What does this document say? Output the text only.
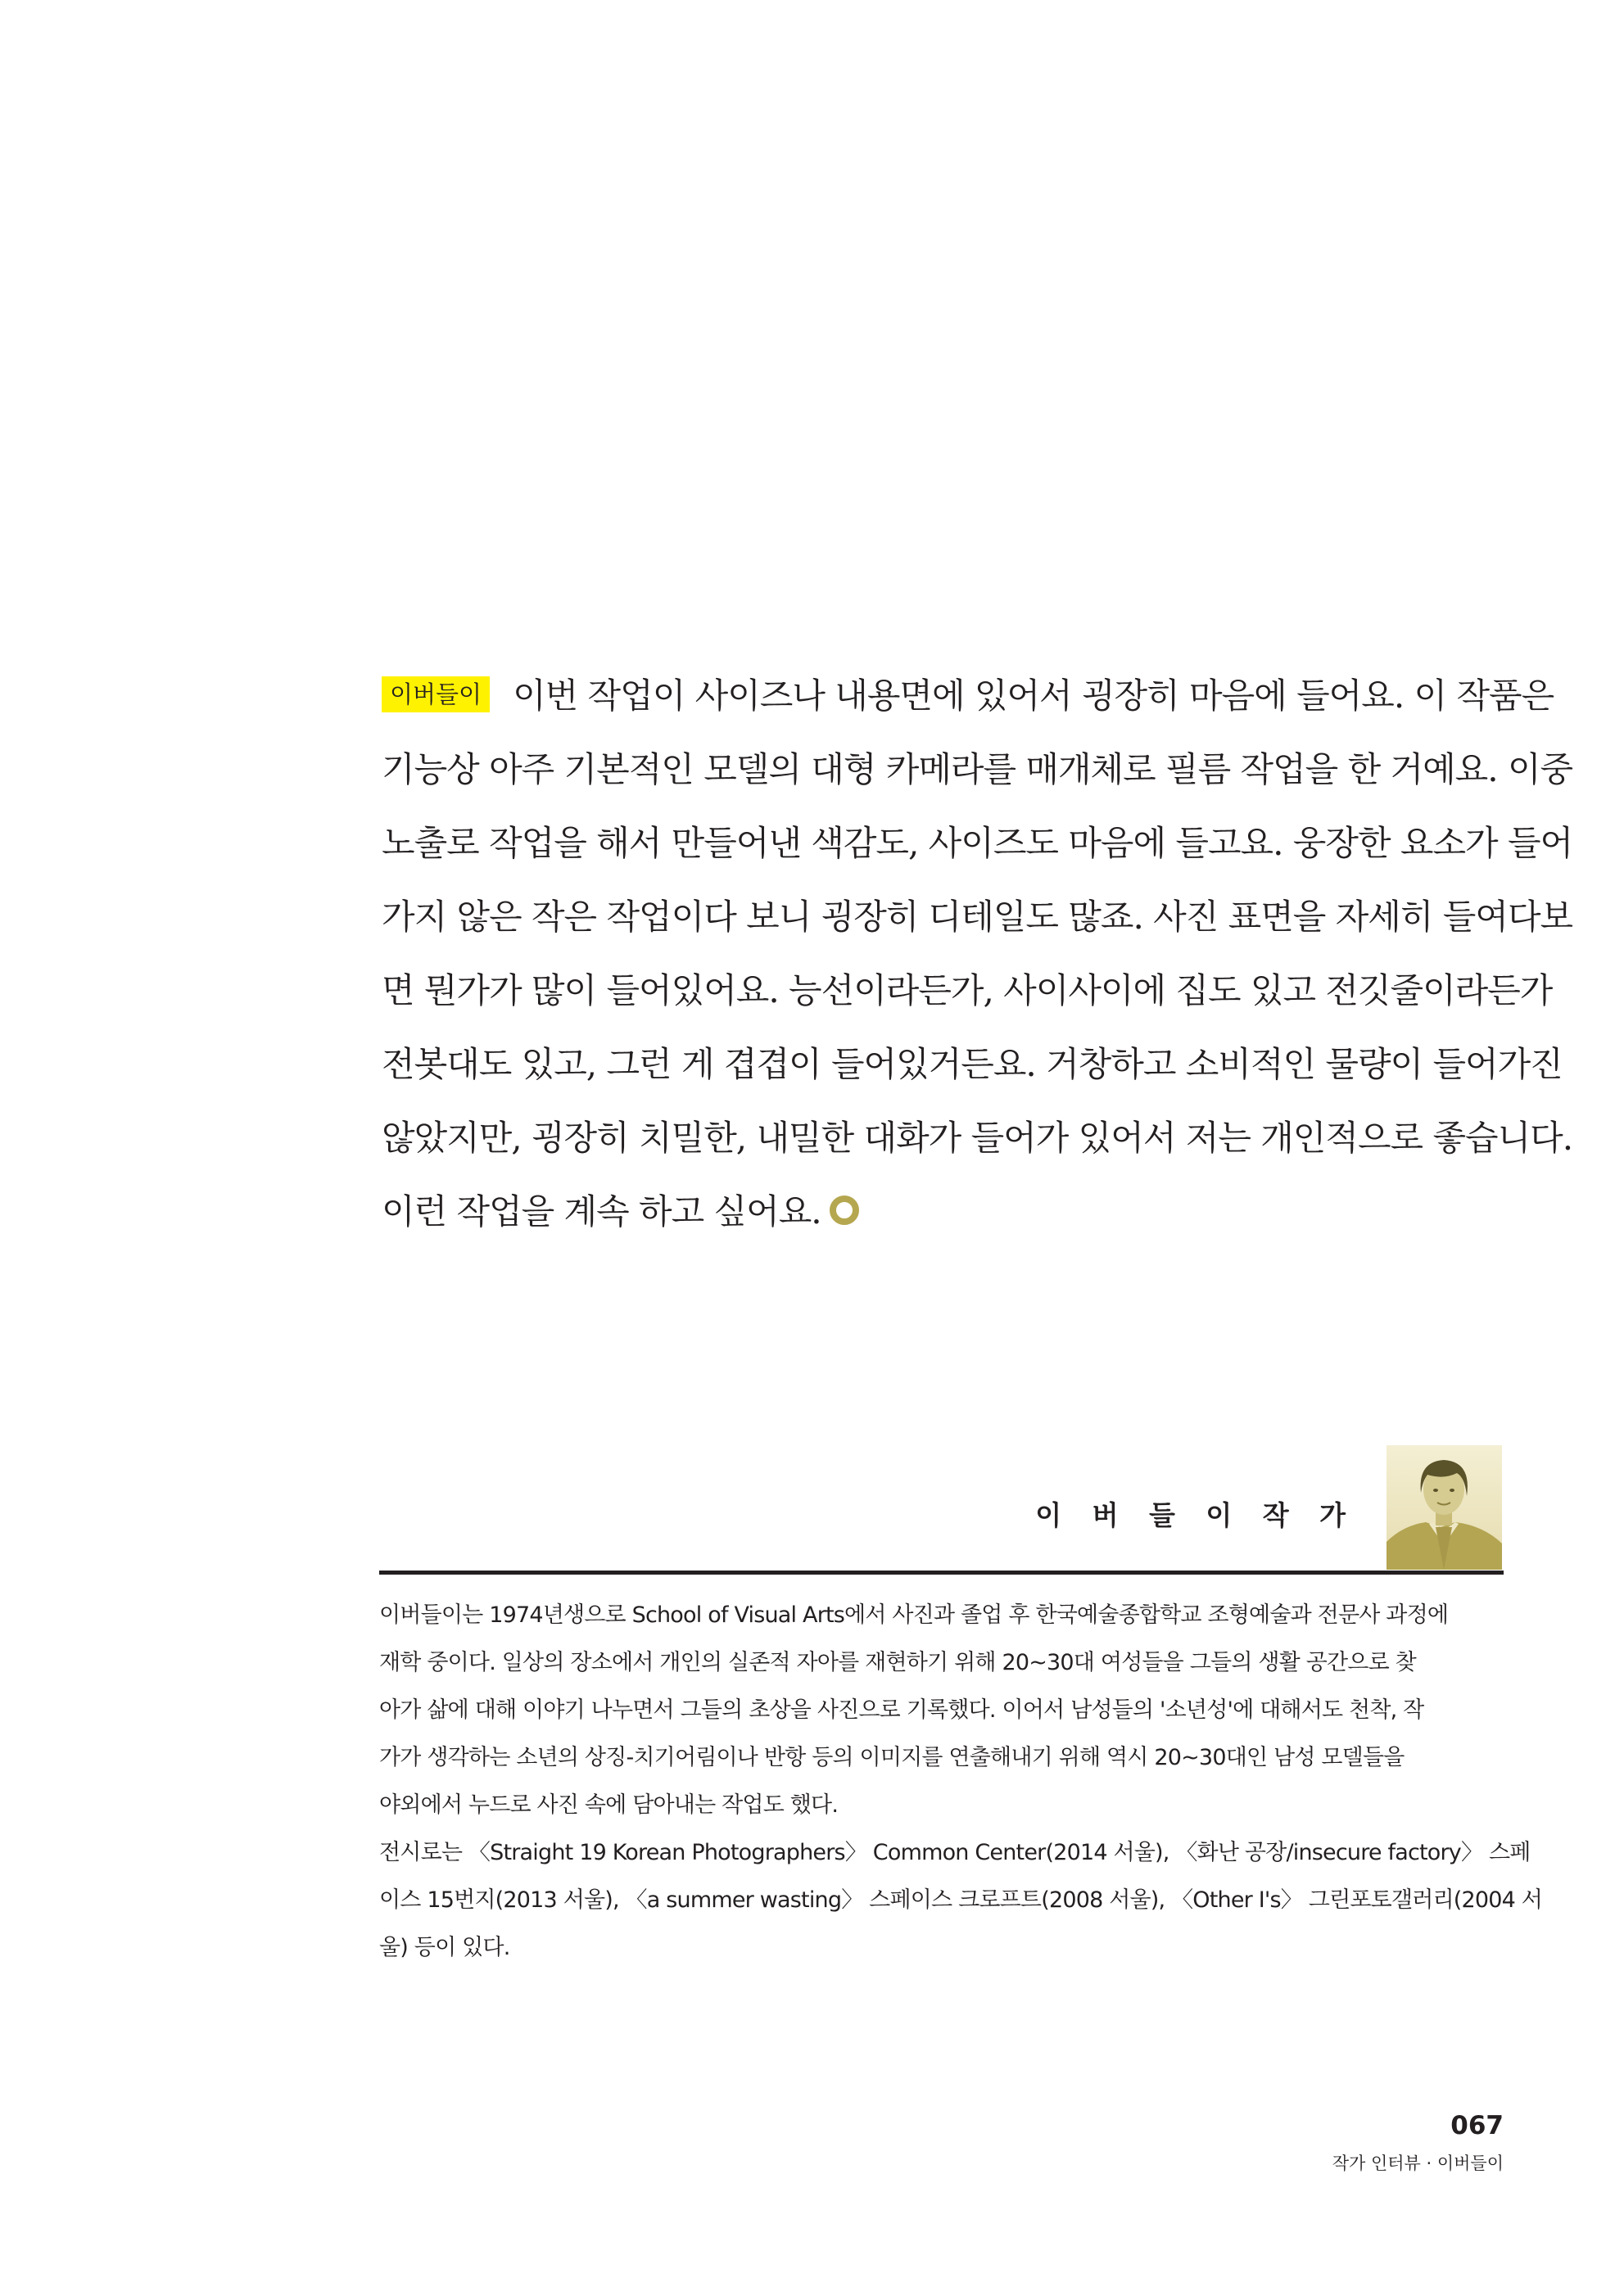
이버들이 이번 작업이 사이즈나 내용면에 있어서 굉장히 마음에 들어요. 이 작품은
기능상 아주 기본적인 모델의 대형 카메라를 매개체로 필름 작업을 한 거예요. 이중
노출로 작업을 해서 만들어낸 색감도, 사이즈도 마음에 들고요. 웅장한 요소가 들어
가지 않은 작은 작업이다 보니 굉장히 디테일도 많죠. 사진 표면을 자세히 들여다보
면 뭔가가 많이 들어있어요. 능선이라든가, 사이사이에 집도 있고 전깃줄이라든가
전봇대도 있고, 그런 게 겹겹이 들어있거든요. 거창하고 소비적인 물량이 들어가진
않았지만, 굉장히 치밀한, 내밀한 대화가 들어가 있어서 저는 개인적으로 좋습니다.
이런 작업을 계속 하고 싶어요.
이 버 들 이 작 가
이버들이는 1974년생으로 School of Visual Arts에서 사진과 졸업 후 한국예술종합학교 조형예술과 전문사 과정에
재학 중이다. 일상의 장소에서 개인의 실존적 자아를 재현하기 위해 20~30대 여성들을 그들의 생활 공간으로 찾
아가 삶에 대해 이야기 나누면서 그들의 초상을 사진으로 기록했다. 이어서 남성들의 '소년성'에 대해서도 천착, 작
가가 생각하는 소년의 상징-치기어림이나 반항 등의 이미지를 연출해내기 위해 역시 20~30대인 남성 모델들을
야외에서 누드로 사진 속에 담아내는 작업도 했다.
전시로는 〈Straight 19 Korean Photographers〉 Common Center(2014 서울), 〈화난 공장/insecure factory〉 스페
이스 15번지(2013 서울), 〈a summer wasting〉 스페이스 크로프트(2008 서울), 〈Other I's〉 그린포토갤러리(2004 서
울) 등이 있다.
067
작가 인터뷰 · 이버들이
